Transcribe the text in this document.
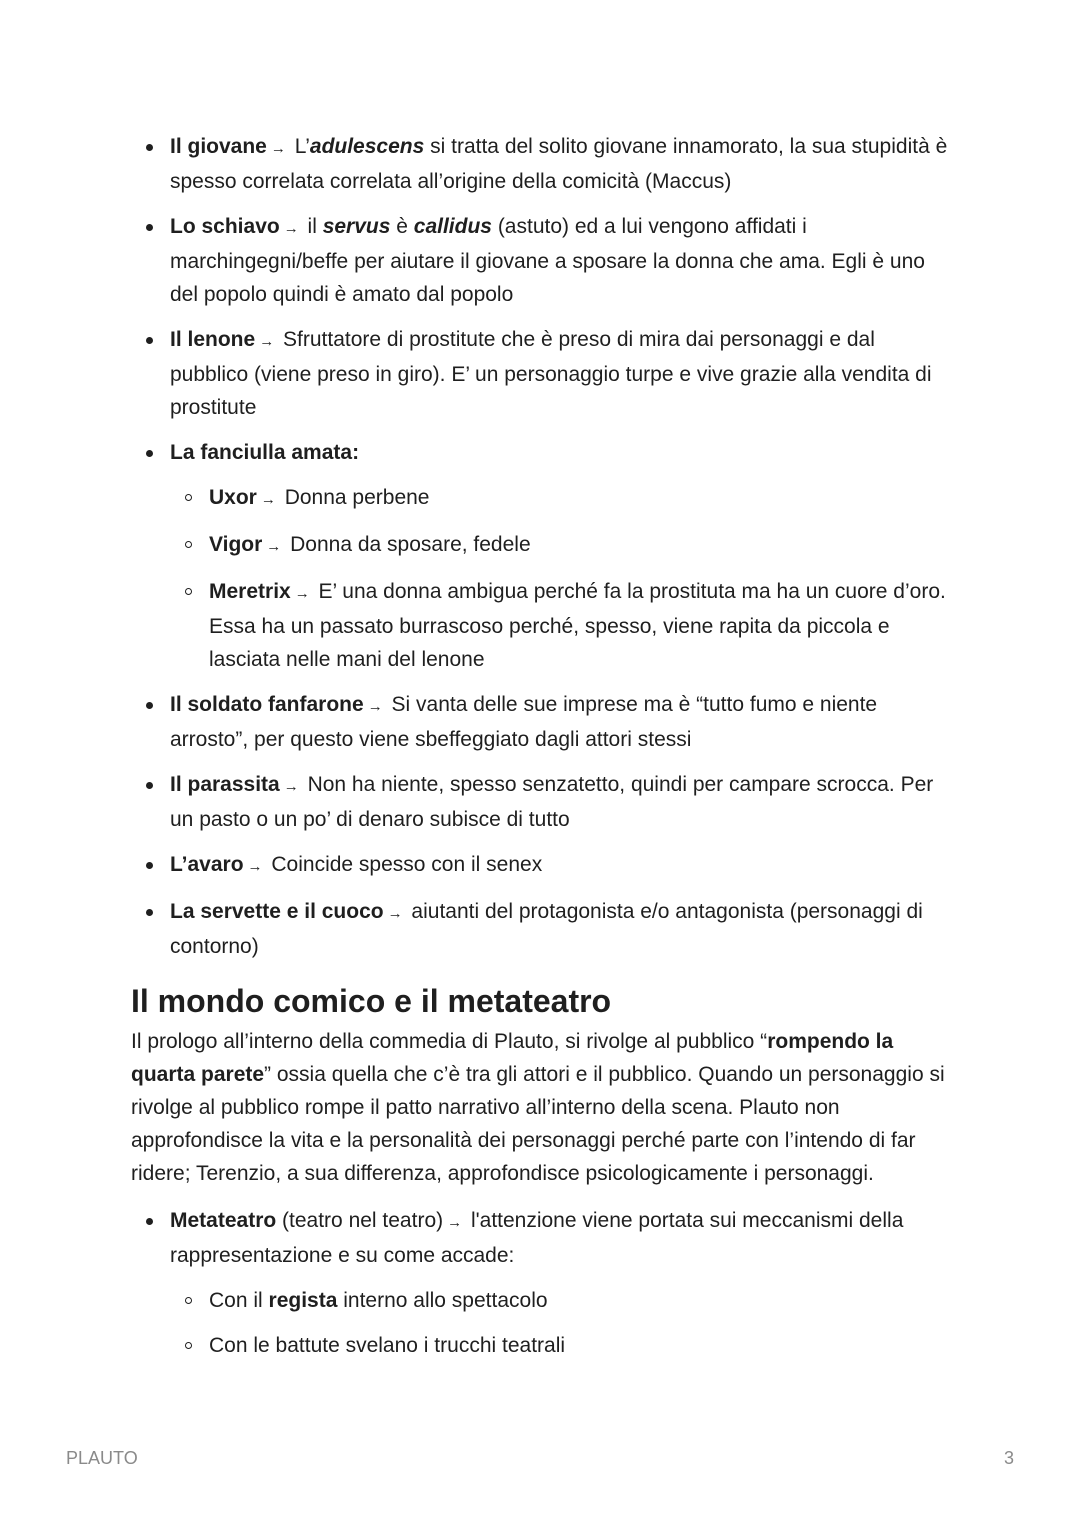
Il giovane → L’adulescens si tratta del solito giovane innamorato, la sua stupidità è spesso correlata correlata all’origine della comicità (Maccus)
Lo schiavo → il servus è callidus (astuto) ed a lui vengono affidati i marchingegni/beffe per aiutare il giovane a sposare la donna che ama. Egli è uno del popolo quindi è amato dal popolo
Il lenone → Sfruttatore di prostitute che è preso di mira dai personaggi e dal pubblico (viene preso in giro). E’ un personaggio turpe e vive grazie alla vendita di prostitute
La fanciulla amata:
Uxor → Donna perbene
Vigor → Donna da sposare, fedele
Meretrix → E’ una donna ambigua perché fa la prostituta ma ha un cuore d’oro. Essa ha un passato burrascoso perché, spesso, viene rapita da piccola e lasciata nelle mani del lenone
Il soldato fanfarone → Si vanta delle sue imprese ma è “tutto fumo e niente arrosto”, per questo viene sbeffeggiato dagli attori stessi
Il parassita → Non ha niente, spesso senzatetto, quindi per campare scrocca. Per un pasto o un po’ di denaro subisce di tutto
L’avaro → Coincide spesso con il senex
La servette e il cuoco → aiutanti del protagonista e/o antagonista (personaggi di contorno)
Il mondo comico e il metateatro

Il prologo all’interno della commedia di Plauto, si rivolge al pubblico “rompendo la quarta parete” ossia quella che c’è tra gli attori e il pubblico. Quando un personaggio si rivolge al pubblico rompe il patto narrativo all’interno della scena. Plauto non approfondisce la vita e la personalità dei personaggi perché parte con l’intendo di far ridere; Terenzio, a sua differenza, approfondisce psicologicamente i personaggi.

Metateatro (teatro nel teatro) → l'attenzione viene portata sui meccanismi della rappresentazione e su come accade:
Con il regista interno allo spettacolo
Con le battute svelano i trucchi teatrali
PLAUTO	3
